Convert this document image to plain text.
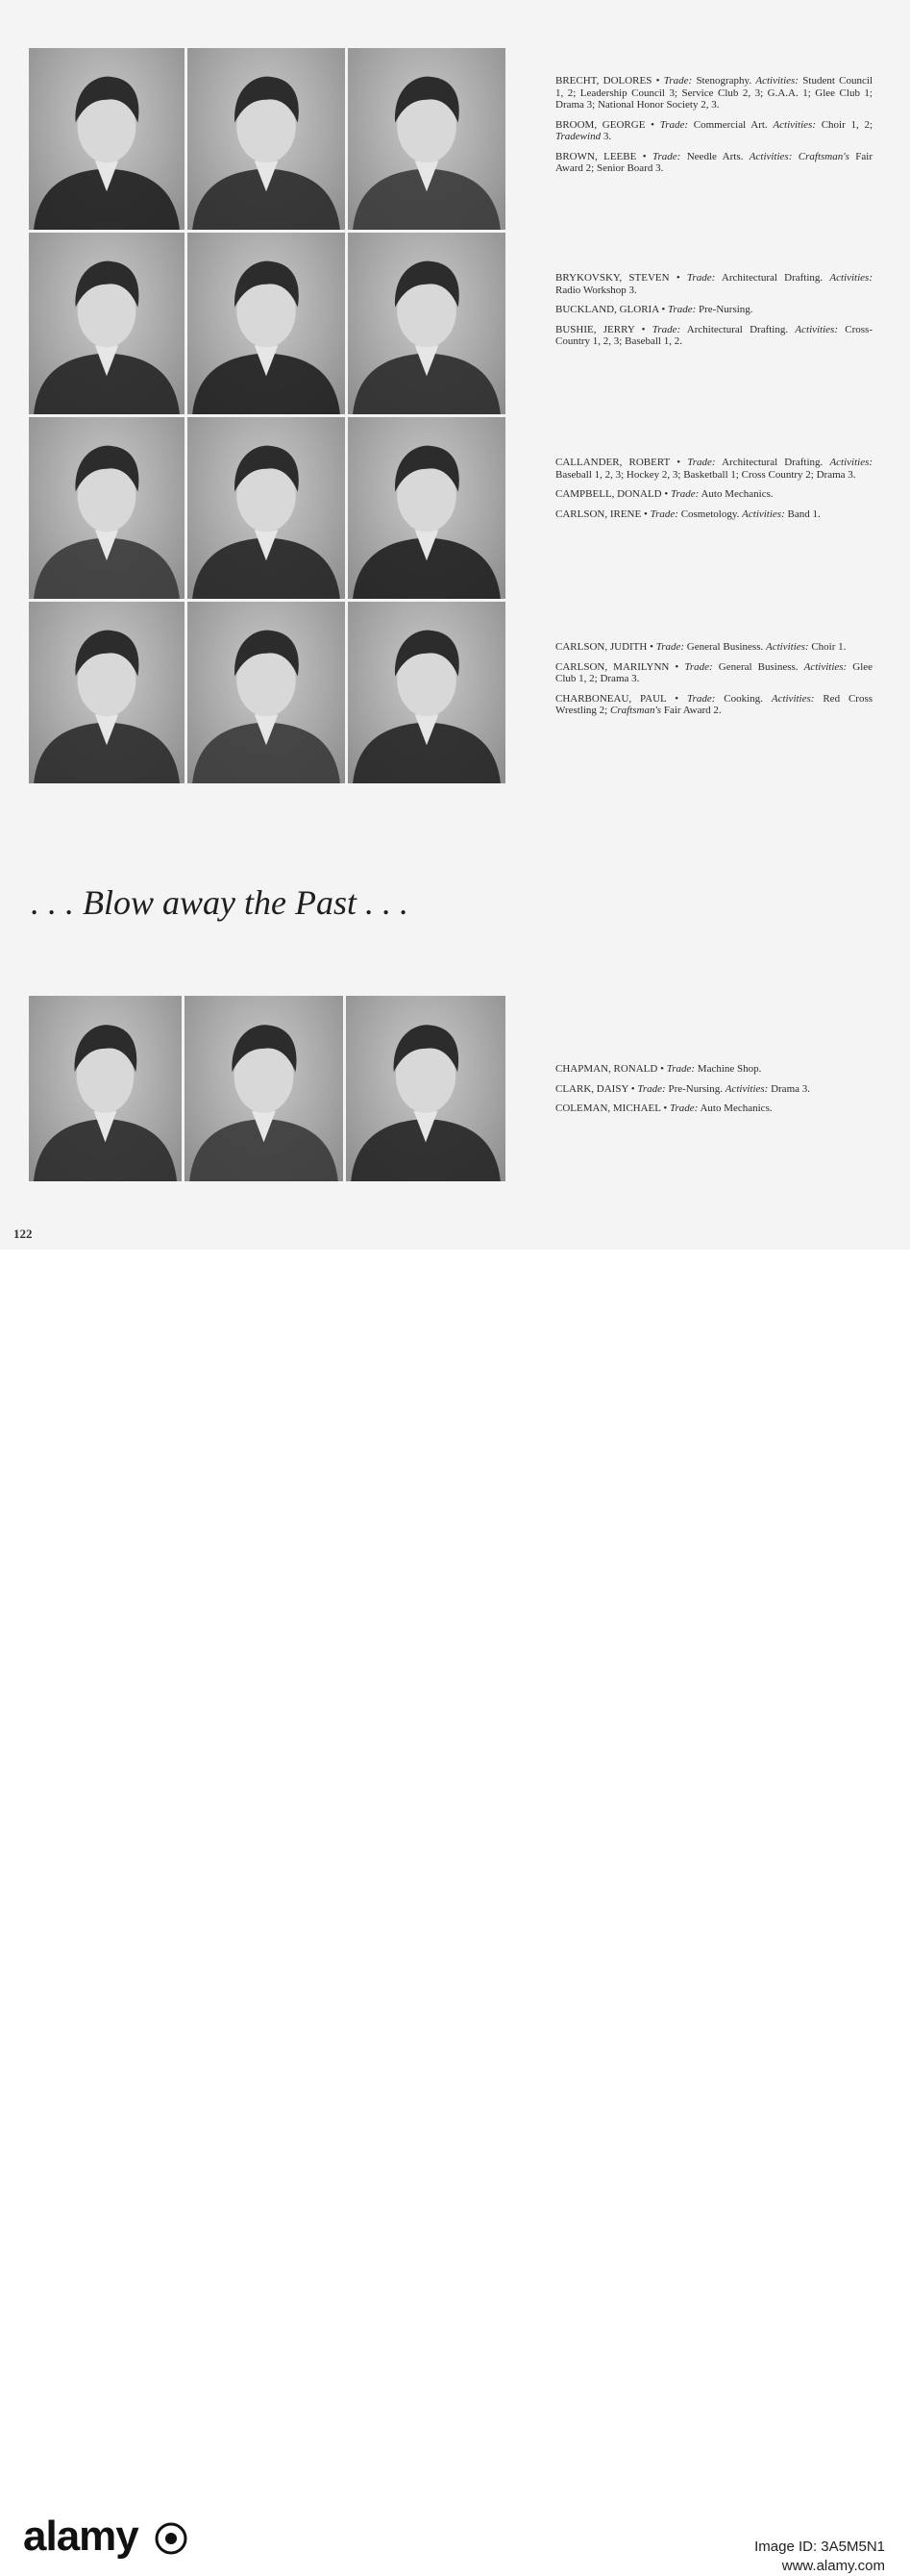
BRECHT, DOLORES • Trade: Stenography. Activities: Student Council 1, 2; Leadership Council 3; Service Club 2, 3; G.A.A. 1; Glee Club 1; Drama 3; National Honor Society 2, 3.

BROOM, GEORGE • Trade: Commercial Art. Activities: Choir 1, 2; Tradewind 3.

BROWN, LEEBE • Trade: Needle Arts. Activities: Craftsman's Fair Award 2; Senior Board 3.

BRYKOVSKY, STEVEN • Trade: Architectural Drafting. Activities: Radio Workshop 3.

BUCKLAND, GLORIA • Trade: Pre-Nursing.

BUSHIE, JERRY • Trade: Architectural Drafting. Activities: Cross-Country 1, 2, 3; Baseball 1, 2.

CALLANDER, ROBERT • Trade: Architectural Drafting. Activities: Baseball 1, 2, 3; Hockey 2, 3; Basketball 1; Cross Country 2; Drama 3.

CAMPBELL, DONALD • Trade: Auto Mechanics.

CARLSON, IRENE • Trade: Cosmetology. Activities: Band 1.

CARLSON, JUDITH • Trade: General Business. Activities: Choir 1.

CARLSON, MARILYNN • Trade: General Business. Activities: Glee Club 1, 2; Drama 3.

CHARBONEAU, PAUL • Trade: Cooking. Activities: Red Cross Wrestling 2; Craftsman's Fair Award 2.

. . . Blow away the Past . . .

CHAPMAN, RONALD • Trade: Machine Shop.

CLARK, DAISY • Trade: Pre-Nursing. Activities: Drama 3.

COLEMAN, MICHAEL • Trade: Auto Mechanics.

122
alamy	Image ID: 3A5M5N1
www.alamy.com
